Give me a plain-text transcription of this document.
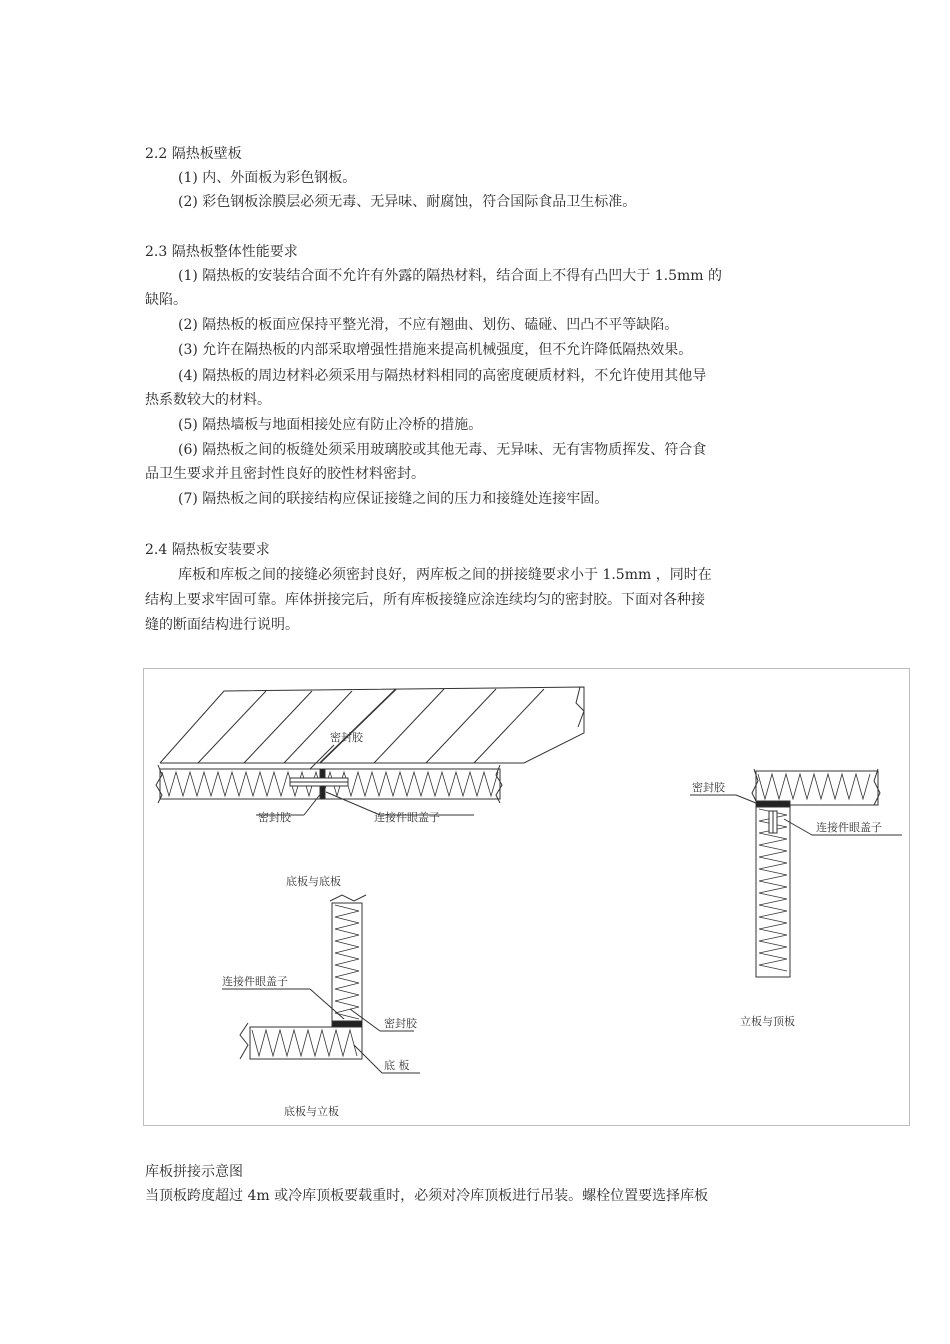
2.2 隔热板壁板
(1) 内、外面板为彩色钢板。
(2) 彩色钢板涂膜层必须无毒、无异味、耐腐蚀，符合国际食品卫生标准。
2.3 隔热板整体性能要求
(1) 隔热板的安装结合面不允许有外露的隔热材料，结合面上不得有凸凹大于 1.5mm 的
缺陷。
(2) 隔热板的板面应保持平整光滑，不应有翘曲、划伤、磕碰、凹凸不平等缺陷。
(3) 允许在隔热板的内部采取增强性措施来提高机械强度，但不允许降低隔热效果。
(4) 隔热板的周边材料必须采用与隔热材料相同的高密度硬质材料，不允许使用其他导
热系数较大的材料。
(5) 隔热墙板与地面相接处应有防止冷桥的措施。
(6) 隔热板之间的板缝处须采用玻璃胶或其他无毒、无异味、无有害物质挥发、符合食
品卫生要求并且密封性良好的胶性材料密封。
(7) 隔热板之间的联接结构应保证接缝之间的压力和接缝处连接牢固。
2.4 隔热板安装要求
库板和库板之间的接缝必须密封良好，两库板之间的拼接缝要求小于 1.5mm ，同时在
结构上要求牢固可靠。库体拼接完后，所有库板接缝应涂连续均匀的密封胶。下面对各种接
缝的断面结构进行说明。
密封胶
密封胶	连接件眼盖子
底板与底板
密封胶
连接件眼盖子
立板与顶板
连接件眼盖子
密封胶
底 板
底板与立板
库板拼接示意图
当顶板跨度超过 4m 或冷库顶板要载重时，必须对冷库顶板进行吊装。螺栓位置要选择库板
